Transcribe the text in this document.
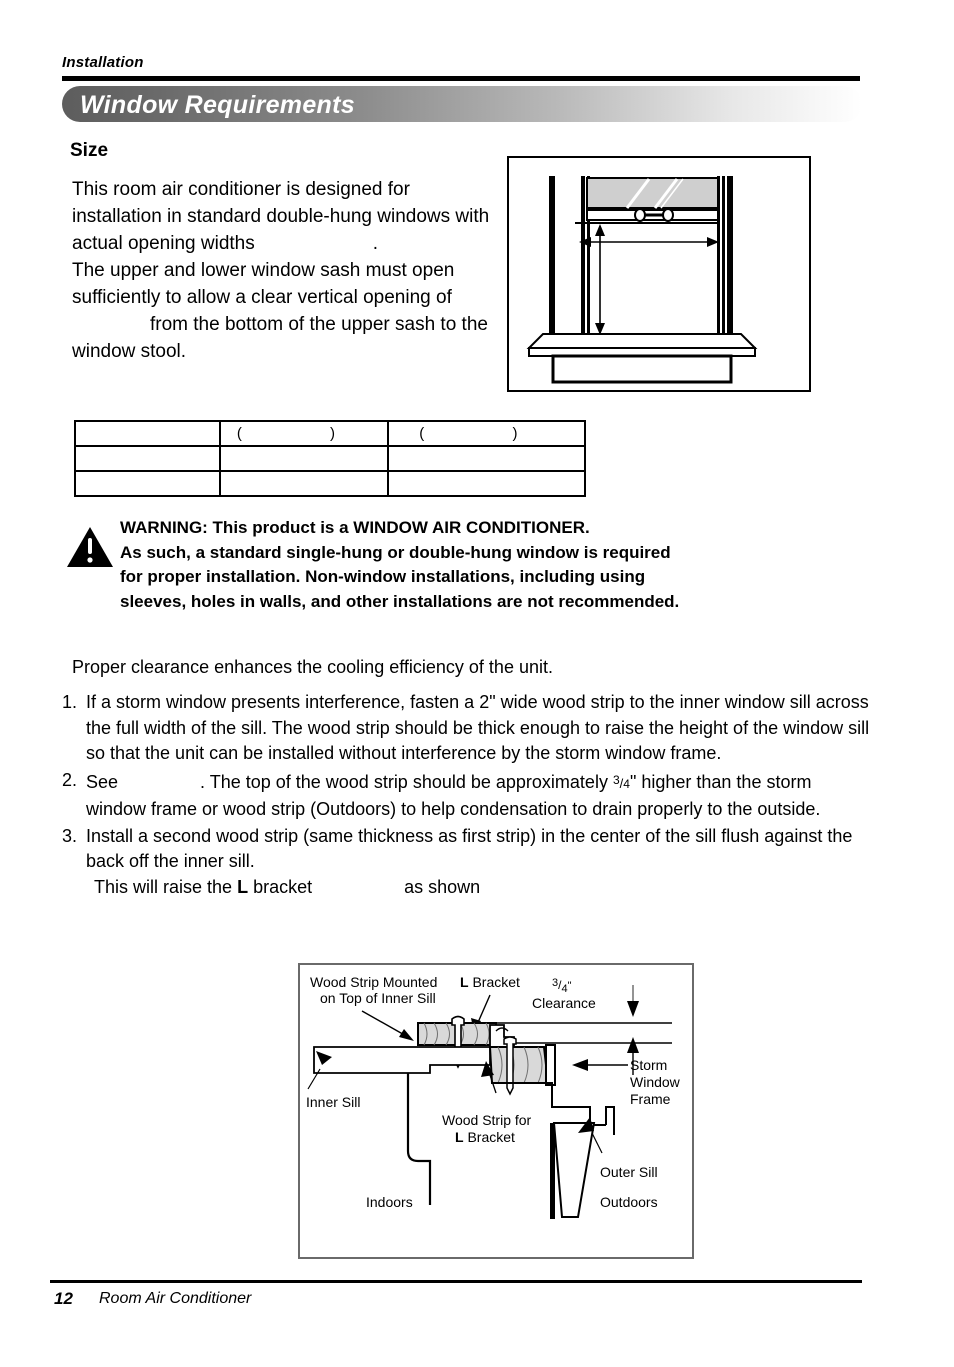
Installation
Window Requirements
Size
This room air conditioner is designed for installation in standard double-hung windows with actual opening widths	.
The upper and lower window sash must open sufficiently to allow a clear vertical opening offrom the bottom of the upper sash to the window stool.
	( )	( )

WARNING: This product is a WINDOW AIR CONDITIONER.
As such, a standard single-hung or double-hung window is required
for proper installation. Non-window installations, including using
sleeves, holes in walls, and other installations are not recommended.
Proper clearance enhances the cooling efficiency of the unit.
1. If a storm window presents interference, fasten a 2" wide wood strip to the inner window sill across the full width of the sill. The wood strip should be thick enough to raise the height of the window sill so that the unit can be installed without interference by the storm window frame.

2. See	. The top of the wood strip should be approximately $^3$/4" higher than the storm window frame or wood strip (Outdoors) to help condensation to drain properly to the outside.

3. Install a second wood strip (same thickness as first strip) in the center of the sill flush against the back off the inner sill.

This will raise the L bracket	as shown

Wood Strip Mounted
on Top of Inner Sill
L Bracket	3/4"
Clearance
Inner Sill
Storm
Window
Frame
Outer Sill
Wood Strip for
L Bracket
Indoors	Outdoors
12 Room Air Conditioner
